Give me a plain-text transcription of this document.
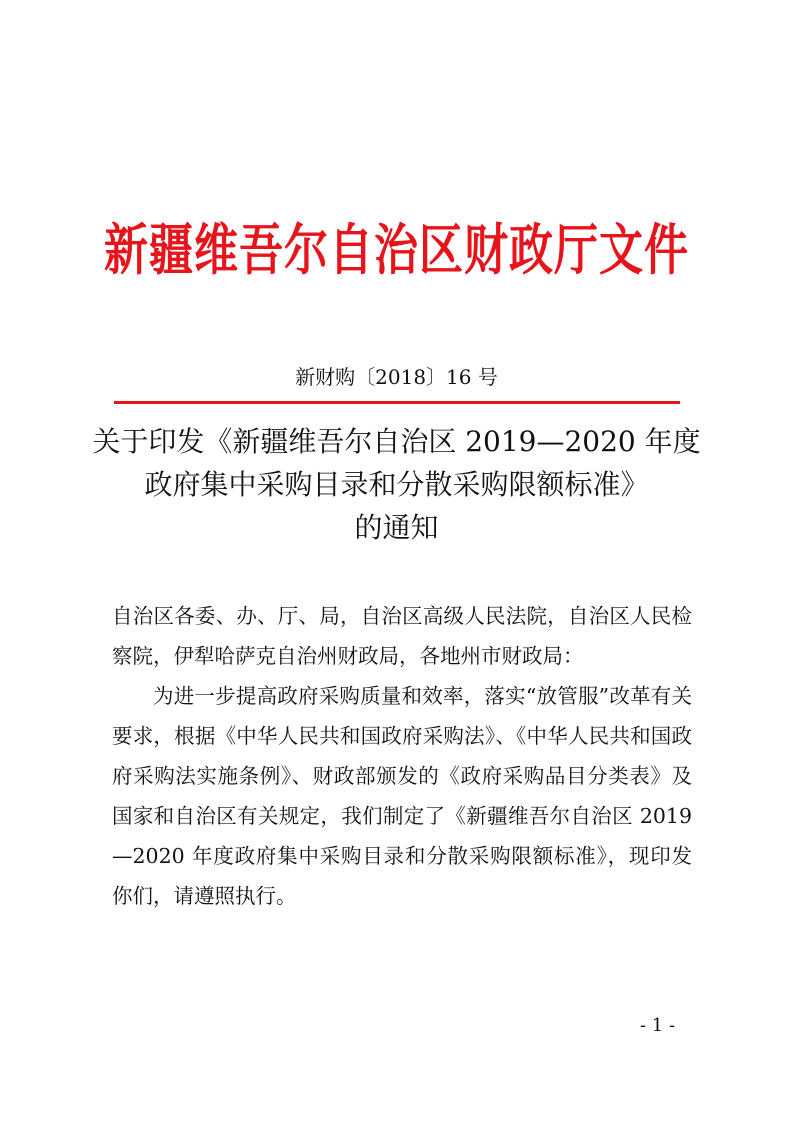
新疆维吾尔自治区财政厅文件
新财购〔2018〕16 号
关于印发《新疆维吾尔自治区 2019—2020 年度
政府集中采购目录和分散采购限额标准》
的通知

自治区各委、办、厅、局，自治区高级人民法院，自治区人民检察院，伊犁哈萨克自治州财政局，各地州市财政局：

为进一步提高政府采购质量和效率，落实“放管服”改革有关要求，根据《中华人民共和国政府采购法》、《中华人民共和国政府采购法实施条例》、财政部颁发的《政府采购品目分类表》及国家和自治区有关规定，我们制定了《新疆维吾尔自治区 2019—2020 年度政府集中采购目录和分散采购限额标准》，现印发你们，请遵照执行。

- 1 -
